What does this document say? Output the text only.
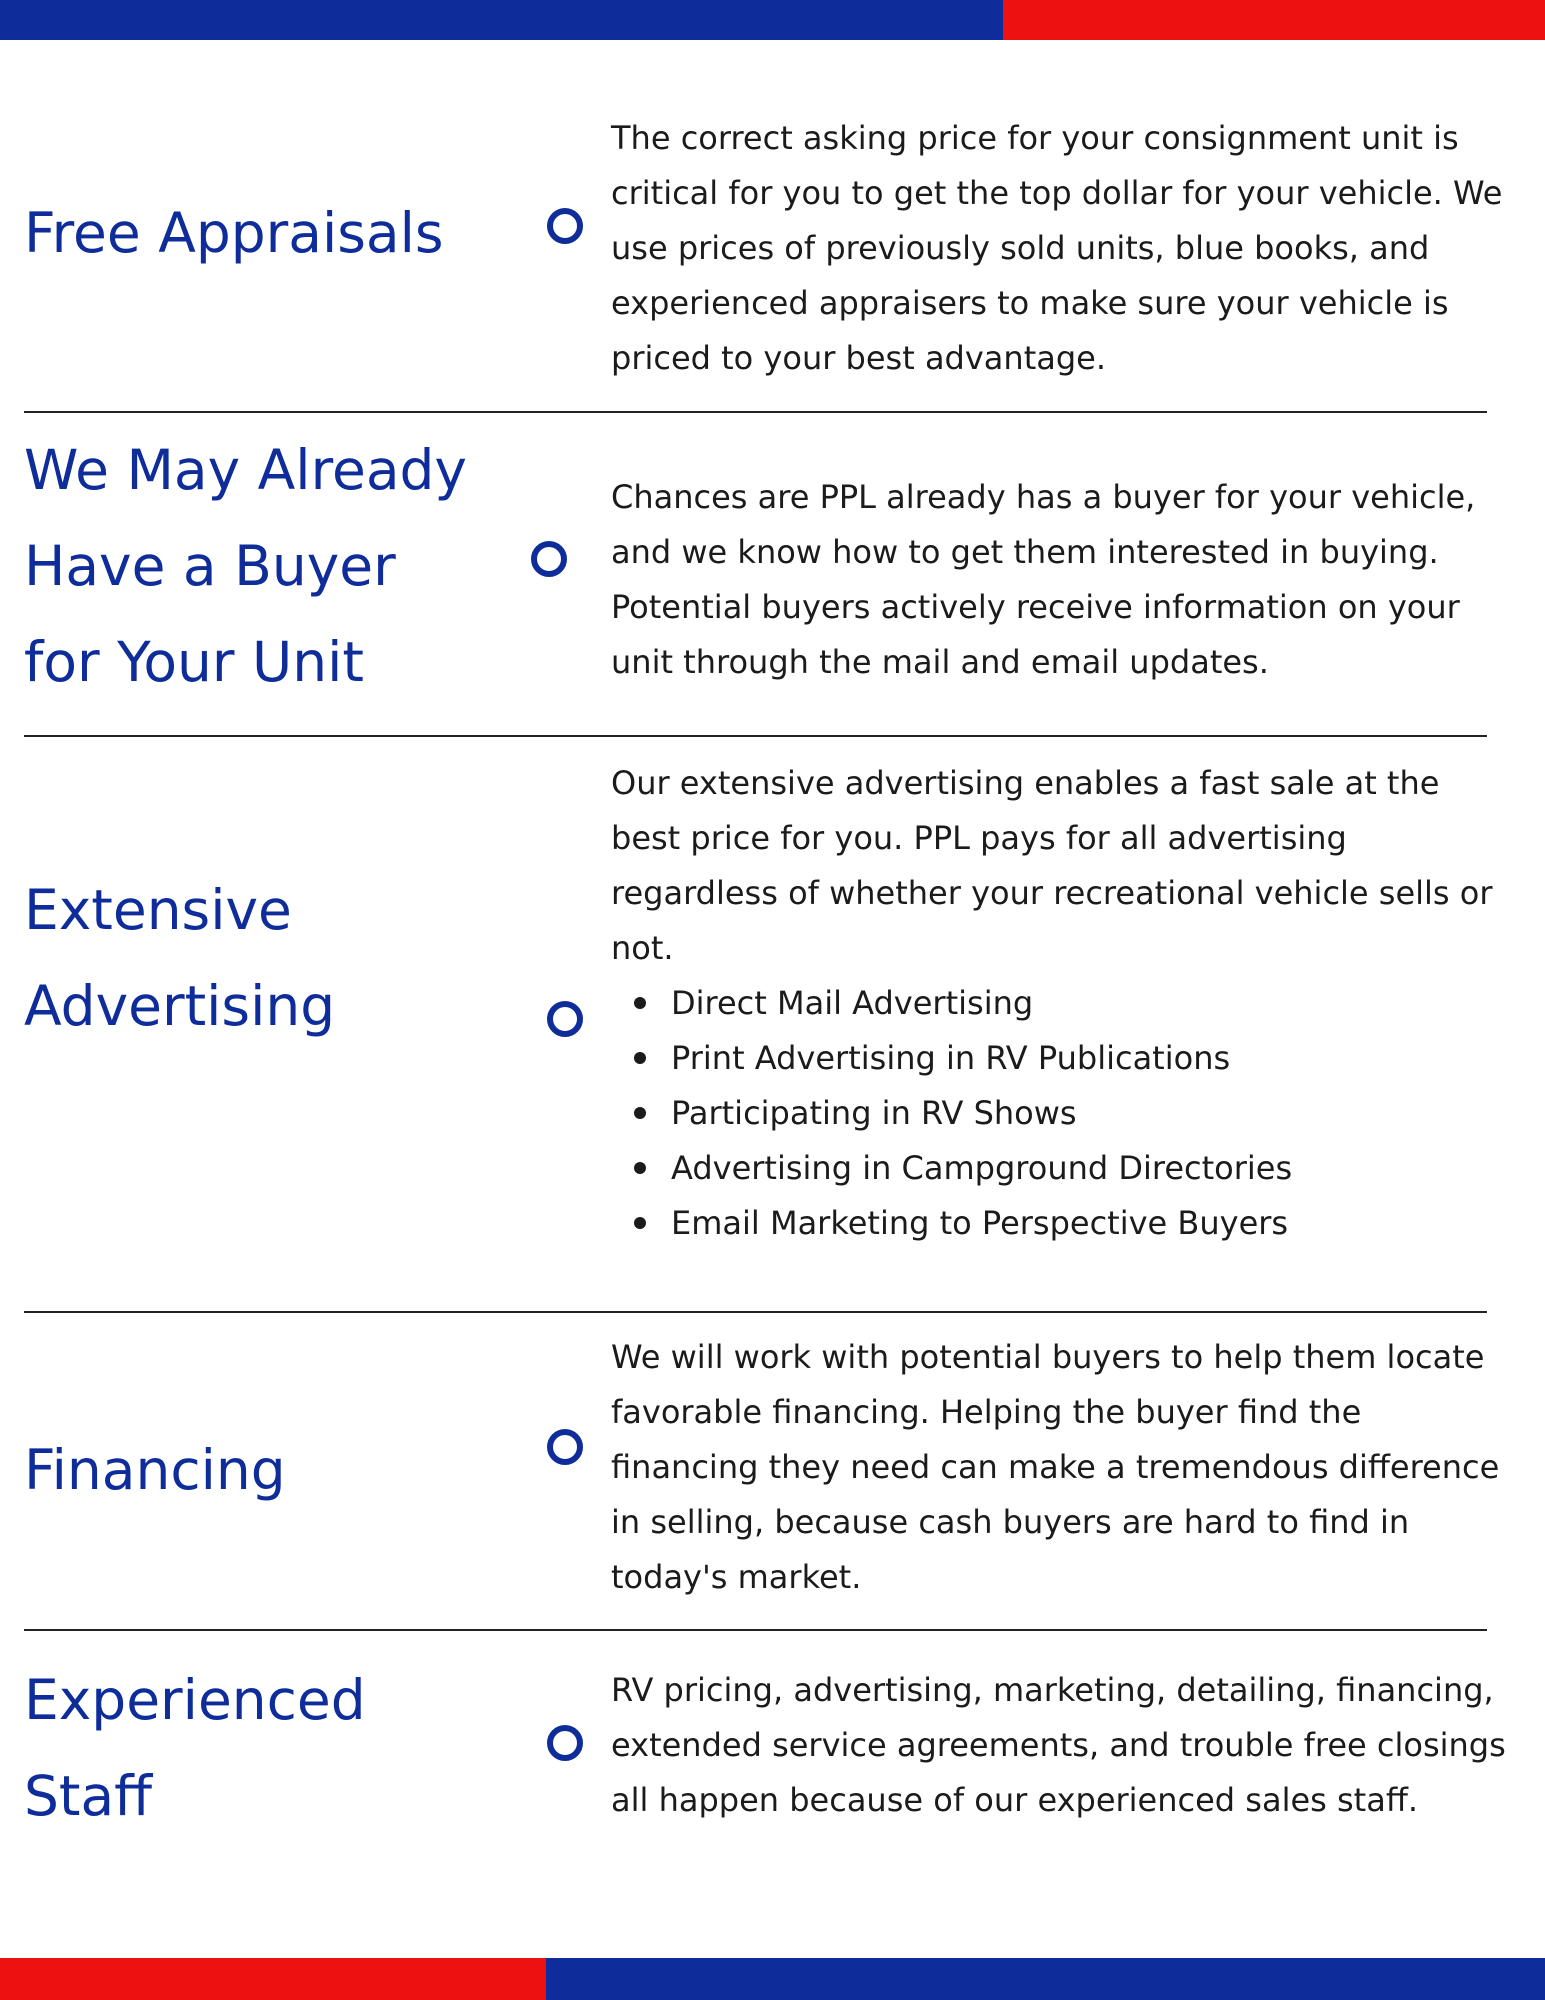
Free Appraisals

The correct asking price for your consignment unit is critical for you to get the top dollar for your vehicle. We use prices of previously sold units, blue books, and experienced appraisers to make sure your vehicle is priced to your best advantage.

We May Already
Have a Buyer
for Your Unit

Chances are PPL already has a buyer for your vehicle, and we know how to get them interested in buying. Potential buyers actively receive information on your unit through the mail and email updates.

Extensive
Advertising

Our extensive advertising enables a fast sale at the best price for you. PPL pays for all advertising regardless of whether your recreational vehicle sells or not.

Direct Mail Advertising
Print Advertising in RV Publications
Participating in RV Shows
Advertising in Campground Directories
Email Marketing to Perspective Buyers
Financing

We will work with potential buyers to help them locate favorable financing. Helping the buyer find the financing they need can make a tremendous difference in selling, because cash buyers are hard to find in today's market.

Experienced
Staff

RV pricing, advertising, marketing, detailing, financing, extended service agreements, and trouble free closings all happen because of our experienced sales staff.
